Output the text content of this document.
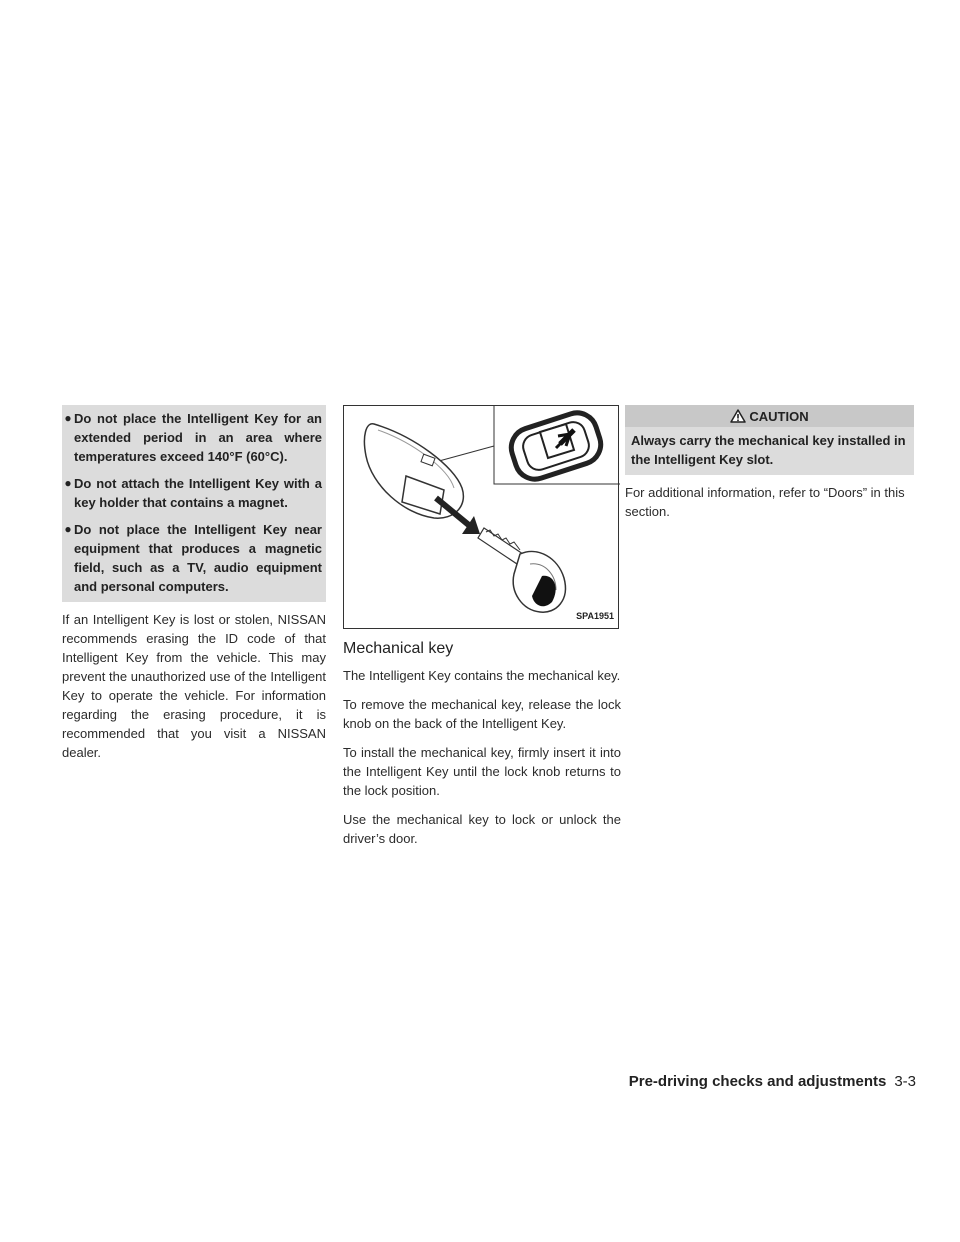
● Do not place the Intelligent Key for an extended period in an area where temperatures exceed 140°F (60°C).
● Do not attach the Intelligent Key with a key holder that contains a magnet.
● Do not place the Intelligent Key near equipment that produces a magnetic field, such as a TV, audio equipment and personal computers.

If an Intelligent Key is lost or stolen, NISSAN recommends erasing the ID code of that Intelligent Key from the vehicle. This may prevent the unauthorized use of the Intelligent Key to operate the vehicle. For information regarding the erasing procedure, it is recommended that you visit a NISSAN dealer.

SPA1951
Mechanical key

The Intelligent Key contains the mechanical key.

To remove the mechanical key, release the lock knob on the back of the Intelligent Key.

To install the mechanical key, firmly insert it into the Intelligent Key until the lock knob returns to the lock position.

Use the mechanical key to lock or unlock the driver’s door.

CAUTION
Always carry the mechanical key installed in the Intelligent Key slot.

For additional information, refer to “Doors” in this section.

Pre-driving checks and adjustments 3-3
